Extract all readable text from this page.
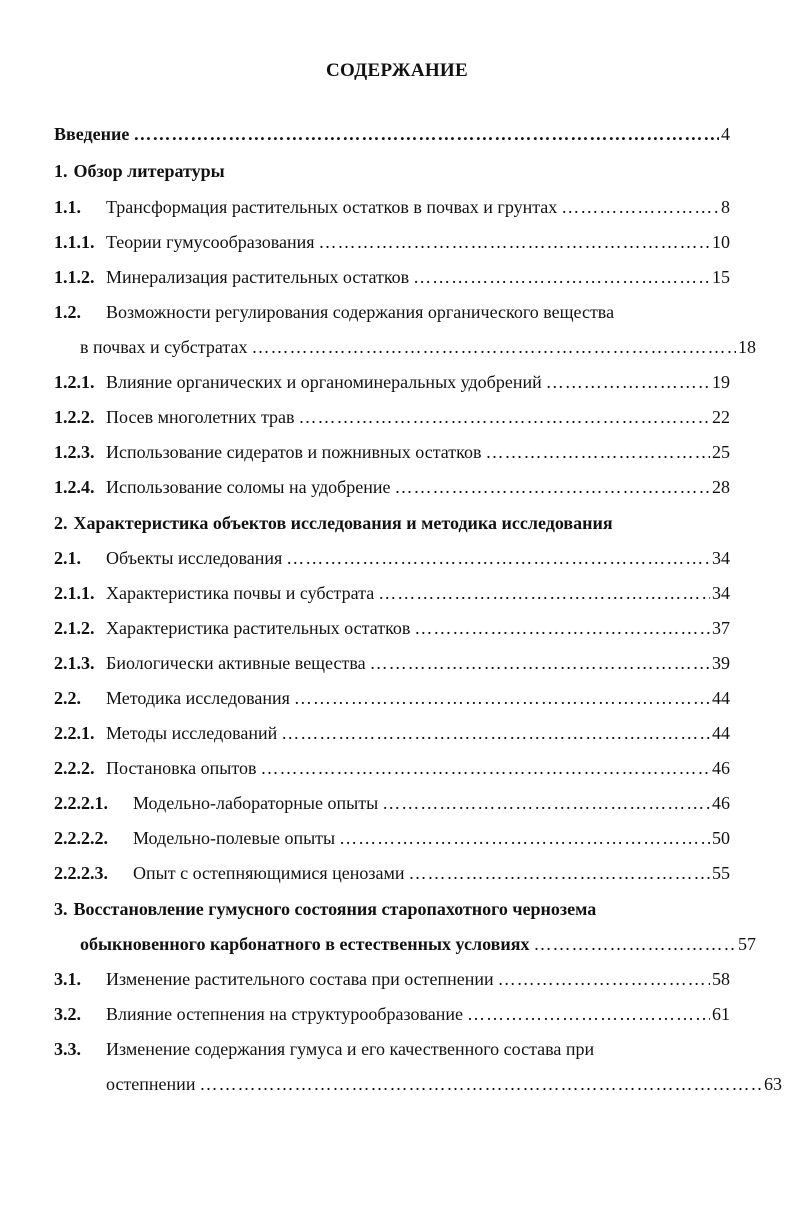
СОДЕРЖАНИЕ
Введение ……………………………………………………………………………………………………………………………………………………	4
1. Обзор литературы
1.1.	Трансформация растительных остатков в почвах и грунтах ……………………………………………………………………………………………………………………………………………………	8
1.1.1. Теории гумусообразования ……………………………………………………………………………………………………………………………………………………	10
1.1.2. Минерализация растительных остатков ……………………………………………………………………………………………………………………………………………………	15
1.2.	Возможности регулирования содержания органического вещества
в почвах и субстратах ……………………………………………………………………………………………………………………………………………………	18
1.2.1. Влияние органических и органоминеральных удобрений ……………………………………………………………………………………………………………………………………………………	19
1.2.2. Посев многолетних трав ……………………………………………………………………………………………………………………………………………………	22
1.2.3. Использование сидератов и пожнивных остатков ……………………………………………………………………………………………………………………………………………………	25
1.2.4. Использование соломы на удобрение ……………………………………………………………………………………………………………………………………………………	28
2. Характеристика объектов исследования и методика исследования
2.1.	Объекты исследования ……………………………………………………………………………………………………………………………………………………	34
2.1.1. Характеристика почвы и субстрата ……………………………………………………………………………………………………………………………………………………	34
2.1.2. Характеристика растительных остатков ……………………………………………………………………………………………………………………………………………………	37
2.1.3. Биологически активные вещества ……………………………………………………………………………………………………………………………………………………	39
2.2.	Методика исследования ……………………………………………………………………………………………………………………………………………………	44
2.2.1. Методы исследований ……………………………………………………………………………………………………………………………………………………	44
2.2.2. Постановка опытов ……………………………………………………………………………………………………………………………………………………	46
2.2.2.1.	Модельно-лабораторные опыты ……………………………………………………………………………………………………………………………………………………	46
2.2.2.2.	Модельно-полевые опыты ……………………………………………………………………………………………………………………………………………………	50
2.2.2.3.	Опыт с остепняющимися ценозами ……………………………………………………………………………………………………………………………………………………	55
3. Восстановление гумусного состояния старопахотного чернозема
обыкновенного карбонатного в естественных условиях ……………………………………………………………………………………………………………………………………………………	57
3.1.	Изменение растительного состава при остепнении ……………………………………………………………………………………………………………………………………………………	58
3.2.	Влияние остепнения на структурообразование ……………………………………………………………………………………………………………………………………………………	61
3.3.	Изменение содержания гумуса и его качественного состава при
остепнении ……………………………………………………………………………………………………………………………………………………	63
